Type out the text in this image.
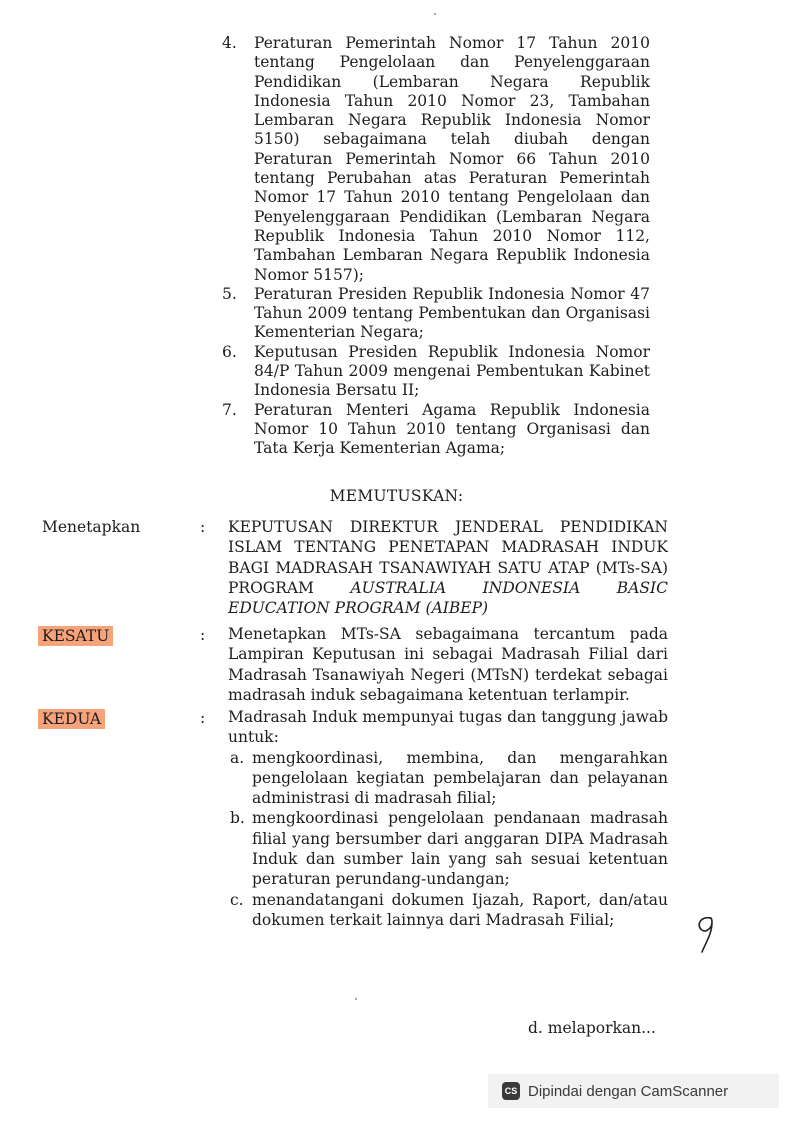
4. Peraturan Pemerintah Nomor 17 Tahun 2010 tentang Pengelolaan dan Penyelenggaraan Pendidikan (Lembaran Negara Republik Indonesia Tahun 2010 Nomor 23, Tambahan Lembaran Negara Republik Indonesia Nomor 5150) sebagaimana telah diubah dengan Peraturan Pemerintah Nomor 66 Tahun 2010 tentang Perubahan atas Peraturan Pemerintah Nomor 17 Tahun 2010 tentang Pengelolaan dan Penyelenggaraan Pendidikan (Lembaran Negara Republik Indonesia Tahun 2010 Nomor 112, Tambahan Lembaran Negara Republik Indonesia Nomor 5157);
5. Peraturan Presiden Republik Indonesia Nomor 47 Tahun 2009 tentang Pembentukan dan Organisasi Kementerian Negara;
6. Keputusan Presiden Republik Indonesia Nomor 84/P Tahun 2009 mengenai Pembentukan Kabinet Indonesia Bersatu II;
7. Peraturan Menteri Agama Republik Indonesia Nomor 10 Tahun 2010 tentang Organisasi dan Tata Kerja Kementerian Agama;
MEMUTUSKAN:
Menetapkan	: KEPUTUSAN DIREKTUR JENDERAL PENDIDIKAN ISLAM TENTANG PENETAPAN MADRASAH INDUK BAGI MADRASAH TSANAWIYAH SATU ATAP (MTs-SA) PROGRAM AUSTRALIA INDONESIA BASIC EDUCATION PROGRAM (AIBEP)
KESATU	: Menetapkan MTs-SA sebagaimana tercantum pada Lampiran Keputusan ini sebagai Madrasah Filial dari Madrasah Tsanawiyah Negeri (MTsN) terdekat sebagai madrasah induk sebagaimana ketentuan terlampir.
KEDUA	: Madrasah Induk mempunyai tugas dan tanggung jawab untuk:
a. mengkoordinasi, membina, dan mengarahkan pengelolaan kegiatan pembelajaran dan pelayanan administrasi di madrasah filial;
b. mengkoordinasi pengelolaan pendanaan madrasah filial yang bersumber dari anggaran DIPA Madrasah Induk dan sumber lain yang sah sesuai ketentuan peraturan perundang-undangan;
c. menandatangani dokumen Ijazah, Raport, dan/atau dokumen terkait lainnya dari Madrasah Filial;
d. melaporkan...
CS Dipindai dengan CamScanner
